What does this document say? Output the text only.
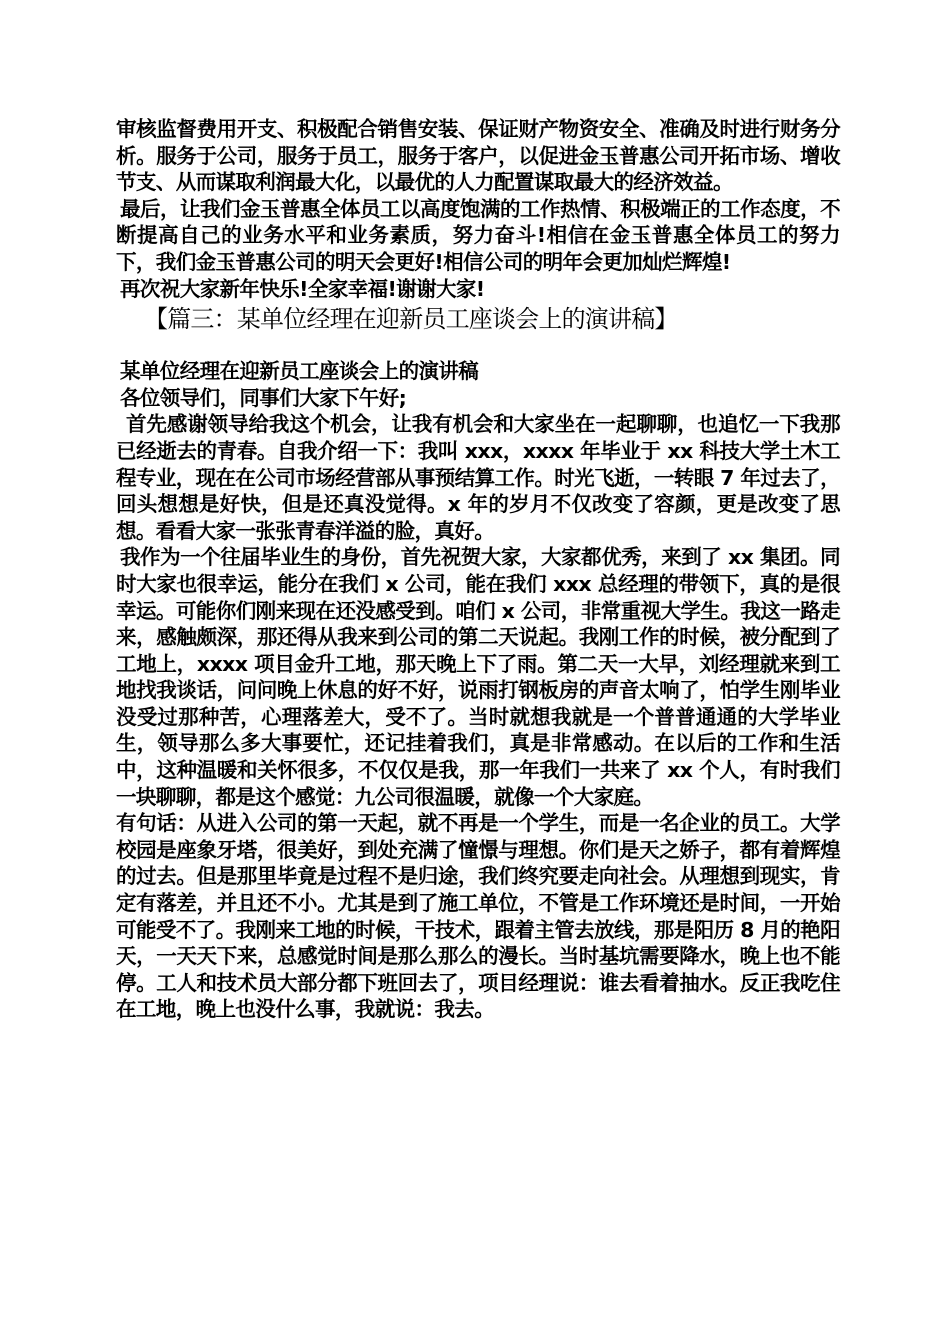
审核监督费用开支、积极配合销售安装、保证财产物资安全、准确及时进行财务分析。服务于公司，服务于员工，服务于客户，以促进金玉普惠公司开拓市场、增收节支、从而谋取利润最大化，以最优的人力配置谋取最大的经济效益。

最后，让我们金玉普惠全体员工以高度饱满的工作热情、积极端正的工作态度，不断提高自己的业务水平和业务素质，努力奋斗!相信在金玉普惠全体员工的努力下，我们金玉普惠公司的明天会更好!相信公司的明年会更加灿烂辉煌!

再次祝大家新年快乐!全家幸福!谢谢大家!

【篇三：某单位经理在迎新员工座谈会上的演讲稿】

某单位经理在迎新员工座谈会上的演讲稿

各位领导们，同事们大家下午好;

首先感谢领导给我这个机会，让我有机会和大家坐在一起聊聊，也追忆一下我那已经逝去的青春。自我介绍一下：我叫 xxx，xxxx 年毕业于 xx 科技大学土木工程专业，现在在公司市场经营部从事预结算工作。时光飞逝，一转眼 7 年过去了，回头想想是好快，但是还真没觉得。x 年的岁月不仅改变了容颜，更是改变了思想。看看大家一张张青春洋溢的脸，真好。

我作为一个往届毕业生的身份，首先祝贺大家，大家都优秀，来到了 xx 集团。同时大家也很幸运，能分在我们 x 公司，能在我们 xxx 总经理的带领下，真的是很幸运。可能你们刚来现在还没感受到。咱们 x 公司，非常重视大学生。我这一路走来，感触颇深，那还得从我来到公司的第二天说起。我刚工作的时候，被分配到了工地上，xxxx 项目金升工地，那天晚上下了雨。第二天一大早，刘经理就来到工地找我谈话，问问晚上休息的好不好，说雨打钢板房的声音太响了，怕学生刚毕业没受过那种苦，心理落差大，受不了。当时就想我就是一个普普通通的大学毕业生，领导那么多大事要忙，还记挂着我们，真是非常感动。在以后的工作和生活中，这种温暖和关怀很多，不仅仅是我，那一年我们一共来了 xx 个人，有时我们一块聊聊，都是这个感觉：九公司很温暖，就像一个大家庭。

有句话：从进入公司的第一天起，就不再是一个学生，而是一名企业的员工。大学校园是座象牙塔，很美好，到处充满了憧憬与理想。你们是天之娇子，都有着辉煌的过去。但是那里毕竟是过程不是归途，我们终究要走向社会。从理想到现实，肯定有落差，并且还不小。尤其是到了施工单位，不管是工作环境还是时间，一开始可能受不了。我刚来工地的时候，干技术，跟着主管去放线，那是阳历 8 月的艳阳天，一天天下来，总感觉时间是那么那么的漫长。当时基坑需要降水，晚上也不能停。工人和技术员大部分都下班回去了，项目经理说：谁去看着抽水。反正我吃住在工地，晚上也没什么事，我就说：我去。
